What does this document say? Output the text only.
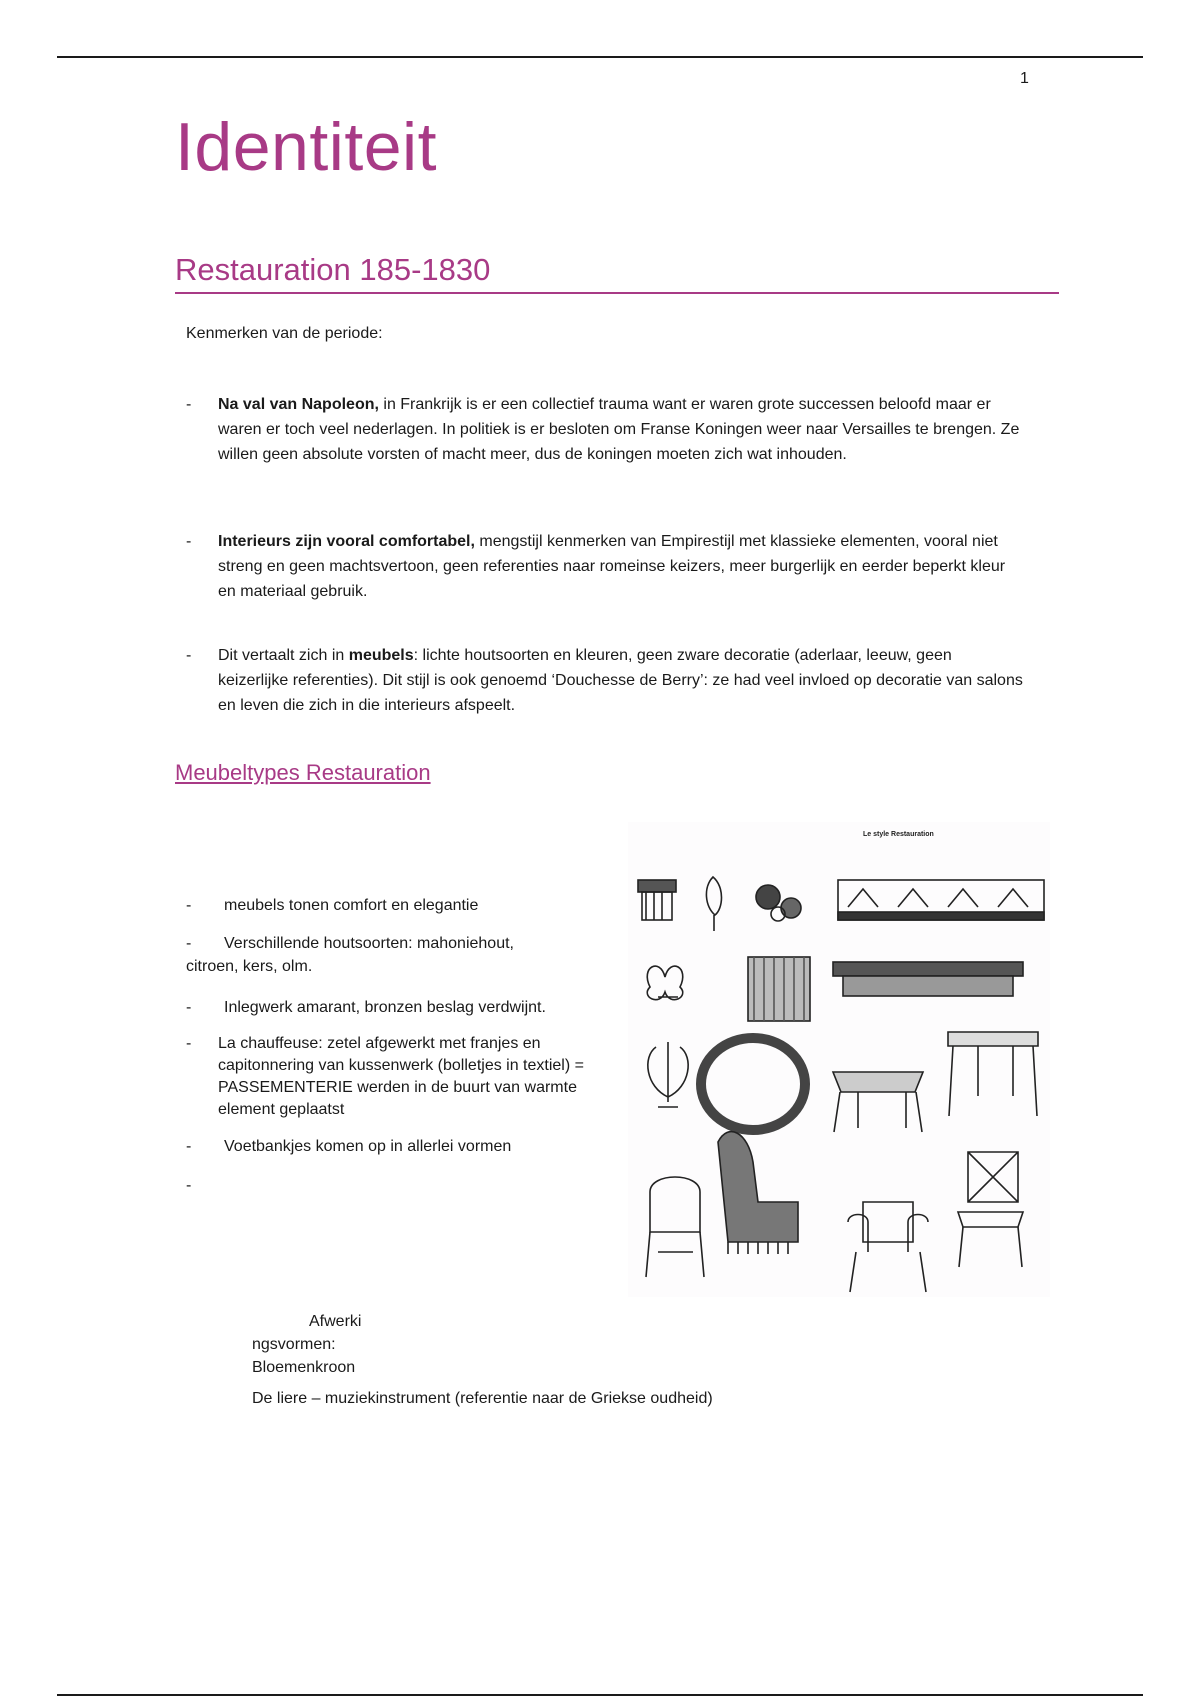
1
Identiteit
Restauration 185-1830

Kenmerken van de periode:

- Na val van Napoleon, in Frankrijk is er een collectief trauma want er waren grote successen beloofd maar er waren er toch veel nederlagen. In politiek is er besloten om Franse Koningen weer naar Versailles te brengen. Ze willen geen absolute vorsten of macht meer, dus de koningen moeten zich wat inhouden.
- Interieurs zijn vooral comfortabel, mengstijl kenmerken van Empirestijl met klassieke elementen, vooral niet streng en geen machtsvertoon, geen referenties naar romeinse keizers, meer burgerlijk en eerder beperkt kleur en materiaal gebruik.
- Dit vertaalt zich in meubels: lichte houtsoorten en kleuren, geen zware decoratie (aderlaar, leeuw, geen keizerlijke referenties). Dit stijl is ook genoemd ‘Douchesse de Berry’: ze had veel invloed op decoratie van salons en leven die zich in die interieurs afspeelt.
Meubeltypes Restauration
- meubels tonen comfort en elegantie
- Verschillende houtsoorten: mahoniehout,
citroen, kers, olm.
- Inlegwerk amarant, bronzen beslag verdwijnt.
- La chauffeuse: zetel afgewerkt met franjes en capitonnering van kussenwerk (bolletjes in textiel) = PASSEMENTERIE werden in de buurt van warmte element geplaatst
- Voetbankjes komen op in allerlei vormen
-
Le style Restauration
Afwerki
ngsvormen:
Bloemenkroon
De liere – muziekinstrument (referentie naar de Griekse oudheid)
